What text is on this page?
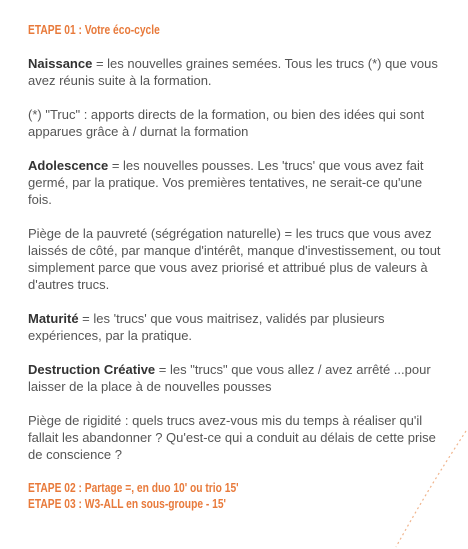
ETAPE 01 : Votre éco-cycle

Naissance = les nouvelles graines semées. Tous les trucs (*) que vous avez réunis suite à la formation.

(*) "Truc" : apports directs de la formation, ou bien des idées qui sont apparues grâce à / durnat la formation

Adolescence = les nouvelles pousses. Les 'trucs' que vous avez fait germé, par la pratique. Vos premières tentatives, ne serait-ce qu'une fois.

Piège de la pauvreté (ségrégation naturelle) = les trucs que vous avez laissés de côté, par manque d'intérêt, manque d'investissement, ou tout simplement parce que vous avez priorisé et attribué plus de valeurs à d'autres trucs.

Maturité = les 'trucs' que vous maitrisez, validés par plusieurs expériences, par la pratique.

Destruction Créative = les "trucs" que vous allez / avez arrêté ...pour laisser de la place à de nouvelles pousses

Piège de rigidité : quels trucs avez-vous mis du temps à réaliser qu'il fallait les abandonner ? Qu'est-ce qui a conduit au délais de cette prise de conscience ?

ETAPE 02 : Partage =, en duo 10' ou trio 15'
ETAPE 03 : W3-ALL en sous-groupe - 15'
